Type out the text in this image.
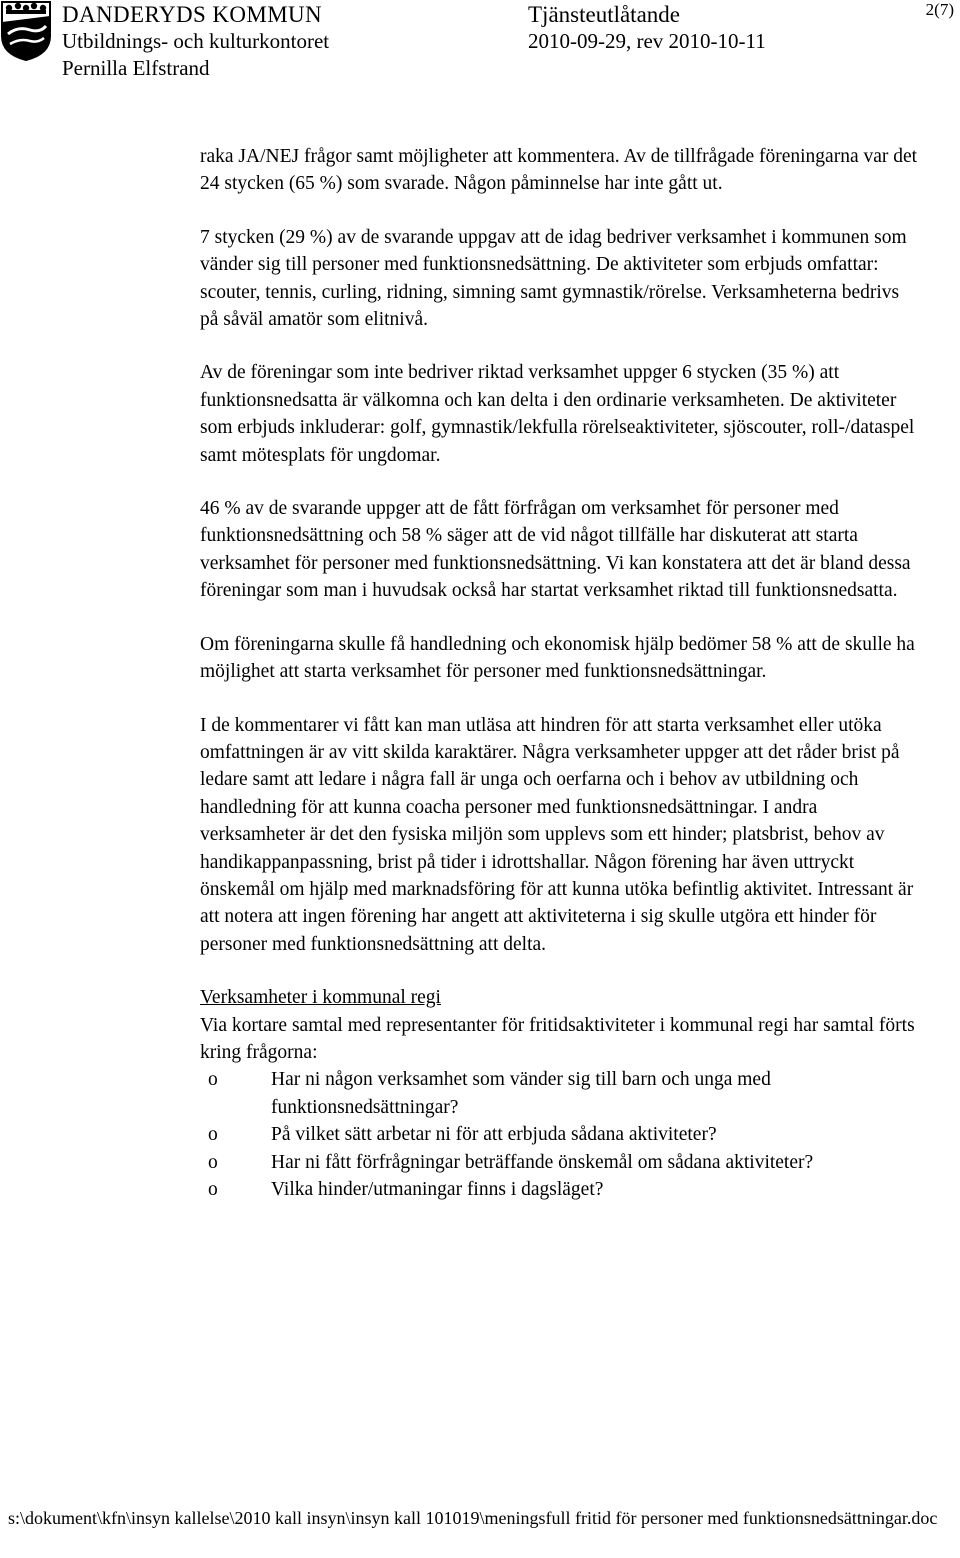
DANDERYDS KOMMUN
Utbildnings- och kulturkontoret
Pernilla Elfstrand
Tjänsteutlåtande
2010-09-29, rev 2010-10-11
2(7)

raka JA/NEJ frågor samt möjligheter att kommentera. Av de tillfrågade föreningarna var det 24 stycken (65 %) som svarade. Någon påminnelse har inte gått ut.

7 stycken (29 %) av de svarande uppgav att de idag bedriver verksamhet i kommunen som vänder sig till personer med funktionsnedsättning. De aktiviteter som erbjuds omfattar: scouter, tennis, curling, ridning, simning samt gymnastik/rörelse. Verksamheterna bedrivs på såväl amatör som elitnivå.

Av de föreningar som inte bedriver riktad verksamhet uppger 6 stycken (35 %) att funktionsnedsatta är välkomna och kan delta i den ordinarie verksamheten. De aktiviteter som erbjuds inkluderar: golf, gymnastik/lekfulla rörelseaktiviteter, sjöscouter, roll-/dataspel samt mötesplats för ungdomar.

46 % av de svarande uppger att de fått förfrågan om verksamhet för personer med funktionsnedsättning och 58 % säger att de vid något tillfälle har diskuterat att starta verksamhet för personer med funktionsnedsättning. Vi kan konstatera att det är bland dessa föreningar som man i huvudsak också har startat verksamhet riktad till funktionsnedsatta.

Om föreningarna skulle få handledning och ekonomisk hjälp bedömer 58 % att de skulle ha möjlighet att starta verksamhet för personer med funktionsnedsättningar.

I de kommentarer vi fått kan man utläsa att hindren för att starta verksamhet eller utöka omfattningen är av vitt skilda karaktärer. Några verksamheter uppger att det råder brist på ledare samt att ledare i några fall är unga och oerfarna och i behov av utbildning och handledning för att kunna coacha personer med funktionsnedsättningar. I andra verksamheter är det den fysiska miljön som upplevs som ett hinder; platsbrist, behov av handikappanpassning, brist på tider i idrottshallar. Någon förening har även uttryckt önskemål om hjälp med marknadsföring för att kunna utöka befintlig aktivitet. Intressant är att notera att ingen förening har angett att aktiviteterna i sig skulle utgöra ett hinder för personer med funktionsnedsättning att delta.

Verksamheter i kommunal regi

Via kortare samtal med representanter för fritidsaktiviteter i kommunal regi har samtal förts kring frågorna:

o	Har ni någon verksamhet som vänder sig till barn och unga med funktionsnedsättningar?
o	På vilket sätt arbetar ni för att erbjuda sådana aktiviteter?
o	Har ni fått förfrågningar beträffande önskemål om sådana aktiviteter?
o	Vilka hinder/utmaningar finns i dagsläget?
s:\dokument\kfn\insyn kallelse\2010 kall insyn\insyn kall 101019\meningsfull fritid för personer med funktionsnedsättningar.doc
